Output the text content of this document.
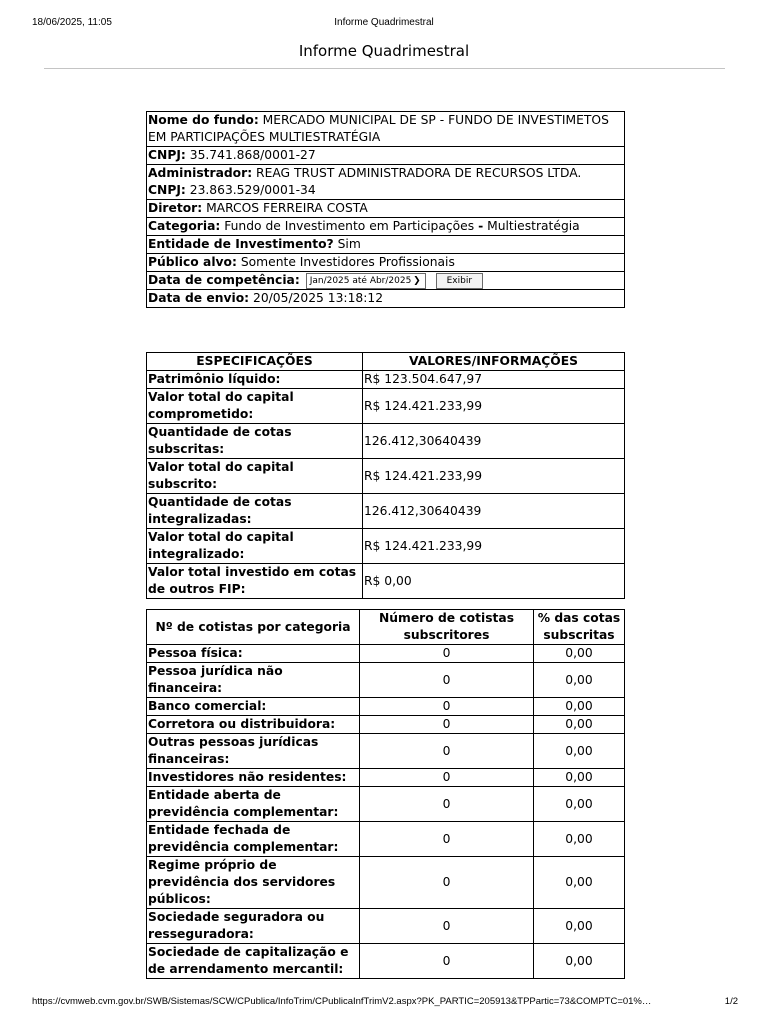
18/06/2025, 11:05	Informe Quadrimestral
Informe Quadrimestral
Nome do fundo: MERCADO MUNICIPAL DE SP - FUNDO DE INVESTIMETOS EM PARTICIPAÇÕES MULTIESTRATÉGIA
CNPJ: 35.741.868/0001-27
Administrador: REAG TRUST ADMINISTRADORA DE RECURSOS LTDA. CNPJ: 23.863.529/0001-34
Diretor: MARCOS FERREIRA COSTA
Categoria: Fundo de Investimento em Participações - Multiestratégia
Entidade de Investimento? Sim
Público alvo: Somente Investidores Profissionais
Data de competência: Jan/2025 até Abr/2025 ❯	Exibir
Data de envio: 20/05/2025 13:18:12
ESPECIFICAÇÕES	VALORES/INFORMAÇÕES
Patrimônio líquido:	R$ 123.504.647,97
Valor total do capital comprometido:	R$ 124.421.233,99
Quantidade de cotas subscritas:	126.412,30640439
Valor total do capital subscrito:	R$ 124.421.233,99
Quantidade de cotas integralizadas:	126.412,30640439
Valor total do capital integralizado:	R$ 124.421.233,99
Valor total investido em cotas de outros FIP:	R$ 0,00
Nº de cotistas por categoria	Número de cotistas subscritores	% das cotas subscritas
Pessoa física:	0	0,00
Pessoa jurídica não financeira:	0	0,00
Banco comercial:	0	0,00
Corretora ou distribuidora:	0	0,00
Outras pessoas jurídicas financeiras:	0	0,00
Investidores não residentes:	0	0,00
Entidade aberta de previdência complementar:	0	0,00
Entidade fechada de previdência complementar:	0	0,00
Regime próprio de previdência dos servidores públicos:	0	0,00
Sociedade seguradora ou resseguradora:	0	0,00
Sociedade de capitalização e de arrendamento mercantil:	0	0,00
https://cvmweb.cvm.gov.br/SWB/Sistemas/SCW/CPublica/InfoTrim/CPublicaInfTrimV2.aspx?PK_PARTIC=205913&TPPartic=73&COMPTC=01%…	1/2
